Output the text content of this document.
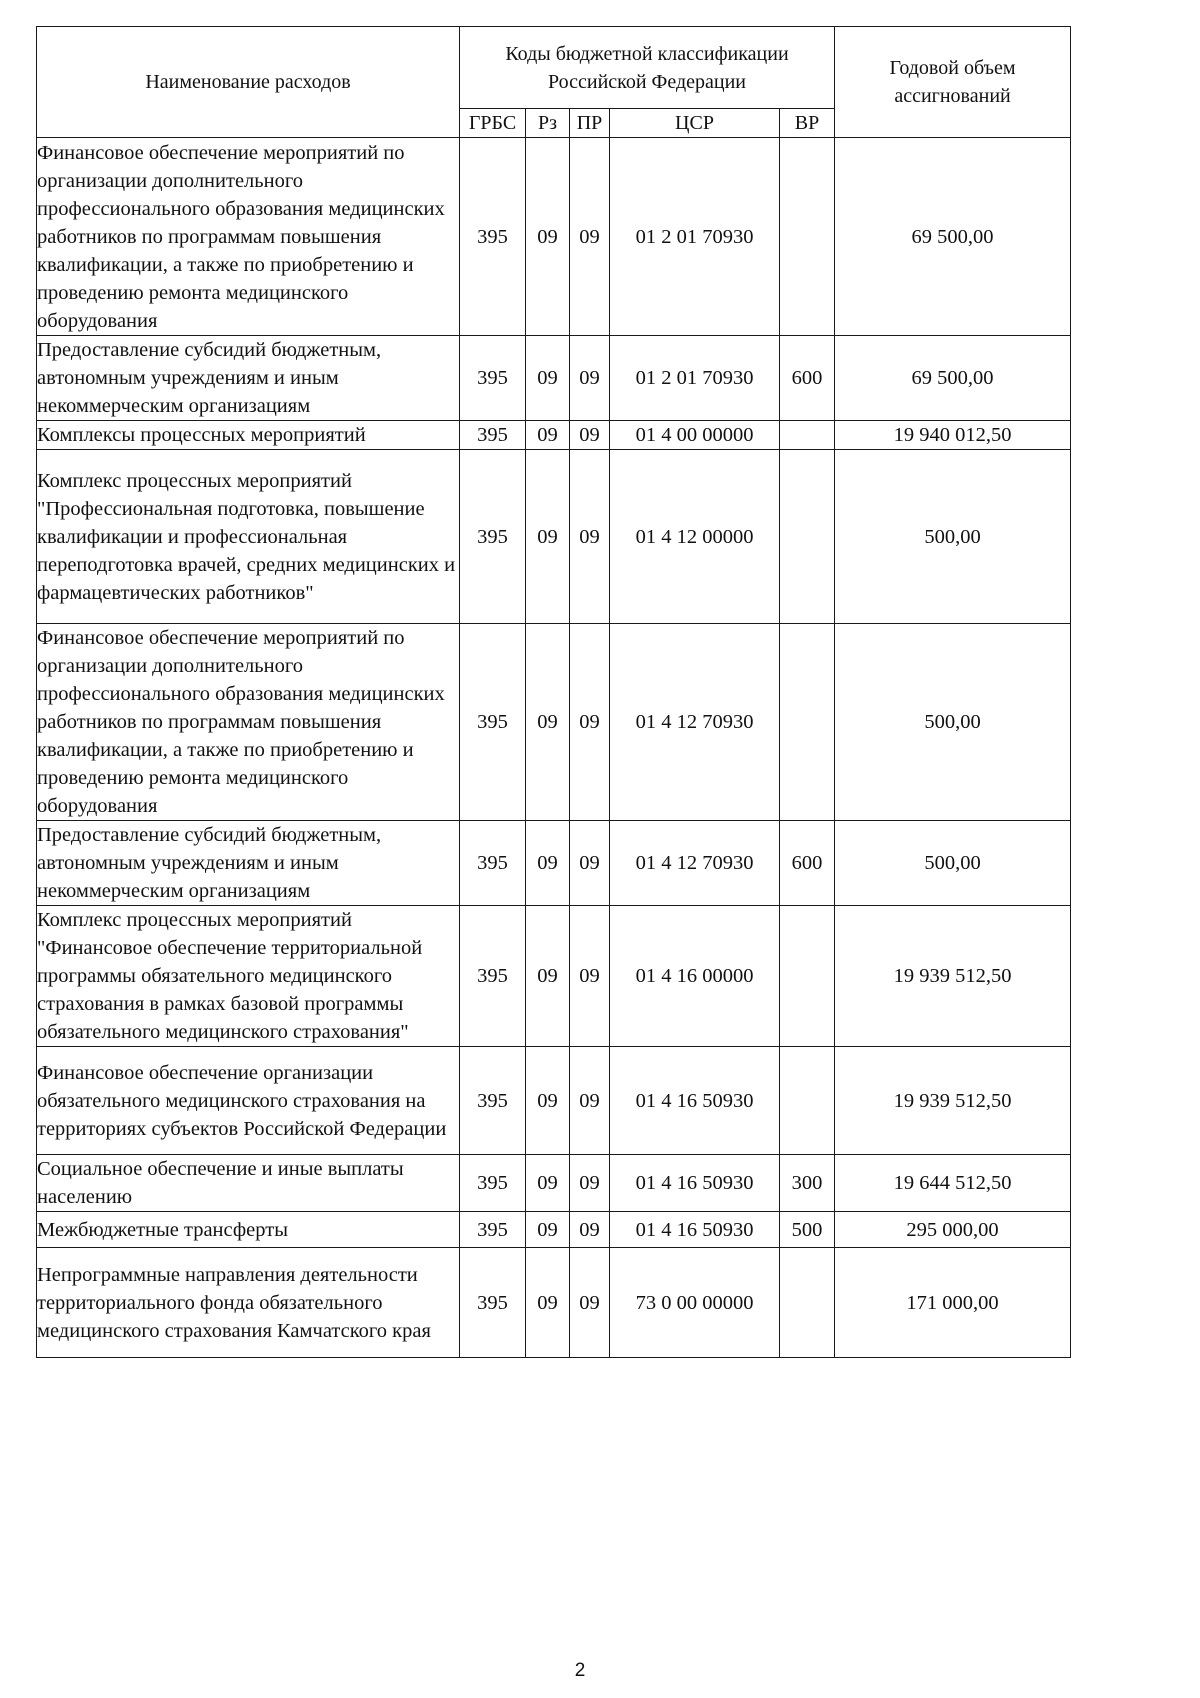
Наименование расходов	Коды бюджетной классификации Российской Федерации					Годовой объем ассигнований
	ГРБС	Рз	ПР	ЦСР	ВР	
Финансовое обеспечение мероприятий по организации дополнительного профессионального образования медицинских работников по программам повышения квалификации, а также по приобретению и проведению ремонта медицинского оборудования	395	09	09	01 2 01 70930		69 500,00
Предоставление субсидий бюджетным, автономным учреждениям и иным некоммерческим организациям	395	09	09	01 2 01 70930	600	69 500,00
Комплексы процессных мероприятий	395	09	09	01 4 00 00000		19 940 012,50
Комплекс процессных мероприятий "Профессиональная подготовка, повышение квалификации и профессиональная переподготовка врачей, средних медицинских и фармацевтических работников"	395	09	09	01 4 12 00000		500,00
Финансовое обеспечение мероприятий по организации дополнительного профессионального образования медицинских работников по программам повышения квалификации, а также по приобретению и проведению ремонта медицинского оборудования	395	09	09	01 4 12 70930		500,00
Предоставление субсидий бюджетным, автономным учреждениям и иным некоммерческим организациям	395	09	09	01 4 12 70930	600	500,00
Комплекс процессных мероприятий "Финансовое обеспечение территориальной программы обязательного медицинского страхования в рамках базовой программы обязательного медицинского страхования"	395	09	09	01 4 16 00000		19 939 512,50
Финансовое обеспечение организации обязательного медицинского страхования на территориях субъектов Российской Федерации	395	09	09	01 4 16 50930		19 939 512,50
Социальное обеспечение и иные выплаты населению	395	09	09	01 4 16 50930	300	19 644 512,50
Межбюджетные трансферты	395	09	09	01 4 16 50930	500	295 000,00
Непрограммные направления деятельности территориального фонда обязательного медицинского страхования Камчатского края	395	09	09	73 0 00 00000		171 000,00
2
